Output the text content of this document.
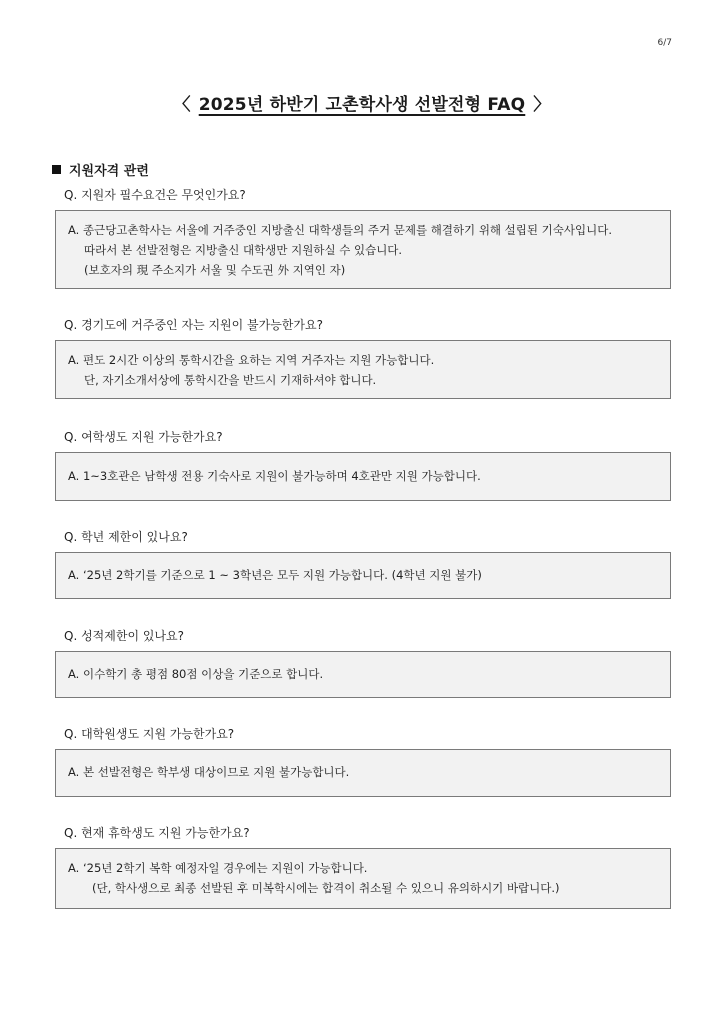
6/7
〈 2025년 하반기 고촌학사생 선발전형 FAQ 〉
지원자격 관련
Q. 지원자 필수요건은 무엇인가요?
A. 종근당고촌학사는 서울에 거주중인 지방출신 대학생들의 주거 문제를 해결하기 위해 설립된 기숙사입니다.
따라서 본 선발전형은 지방출신 대학생만 지원하실 수 있습니다.
(보호자의 現 주소지가 서울 및 수도권 外 지역인 자)
Q. 경기도에 거주중인 자는 지원이 불가능한가요?
A. 편도 2시간 이상의 통학시간을 요하는 지역 거주자는 지원 가능합니다.
단, 자기소개서상에 통학시간을 반드시 기재하셔야 합니다.
Q. 여학생도 지원 가능한가요?
A. 1~3호관은 남학생 전용 기숙사로 지원이 불가능하며 4호관만 지원 가능합니다.
Q. 학년 제한이 있나요?
A. ‘25년 2학기를 기준으로 1 ~ 3학년은 모두 지원 가능합니다. (4학년 지원 불가)
Q. 성적제한이 있나요?
A. 이수학기 총 평점 80점 이상을 기준으로 합니다.
Q. 대학원생도 지원 가능한가요?
A. 본 선발전형은 학부생 대상이므로 지원 불가능합니다.
Q. 현재 휴학생도 지원 가능한가요?
A. ‘25년 2학기 복학 예정자일 경우에는 지원이 가능합니다.
(단, 학사생으로 최종 선발된 후 미복학시에는 합격이 취소될 수 있으니 유의하시기 바랍니다.)
